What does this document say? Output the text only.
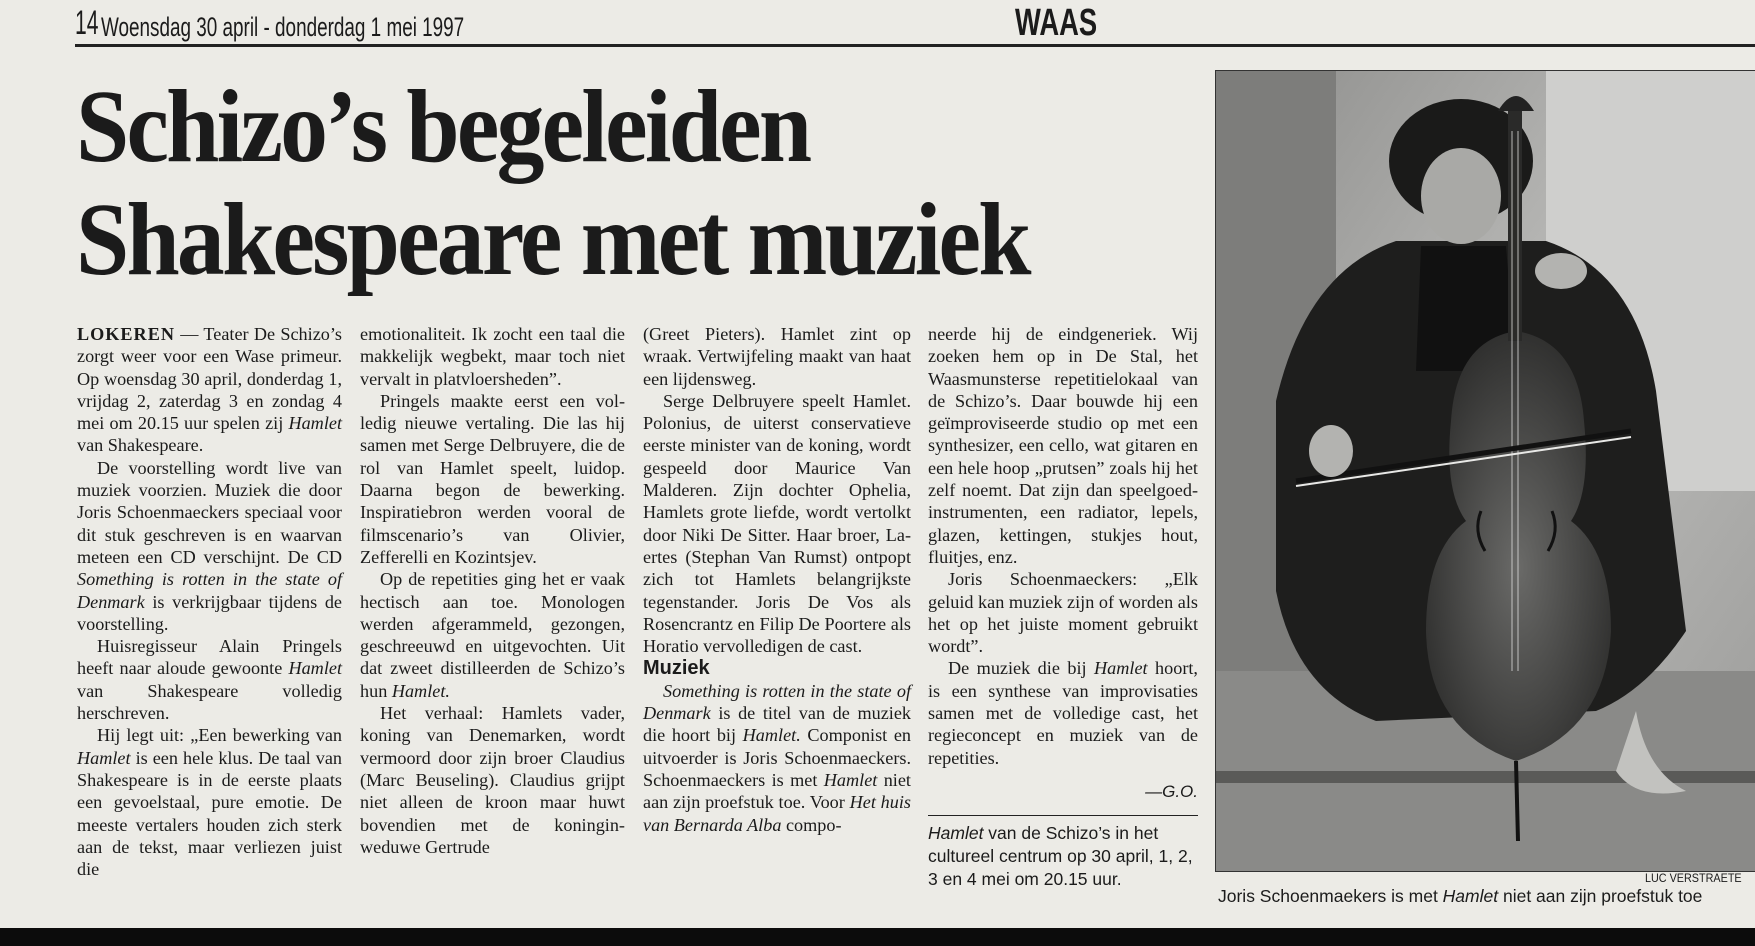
14 Woensdag 30 april - donderdag 1 mei 1997	WAAS
Schizo’s begeleiden
Shakespeare met muziek

LOKEREN — Teater De Schizo’s zorgt weer voor een Wase primeur. Op woensdag 30 april, donderdag 1, vrijdag 2, zaterdag 3 en zondag 4 mei om 20.15 uur spelen zij Hamlet van Shakespeare.

De voorstelling wordt live van muziek voorzien. Muziek die door Joris Schoenmaeckers speciaal voor dit stuk geschreven is en waarvan meteen een CD verschijnt. De CD Something is rotten in the state of Denmark is verkrijgbaar tijdens de voorstelling.

Huisregisseur Alain Pringels heeft naar aloude gewoonte Hamlet van Shakespeare volledig herschreven.

Hij legt uit: „Een bewerking van Hamlet is een hele klus. De taal van Shakespeare is in de eerste plaats een gevoelstaal, pure emotie. De meeste vertalers houden zich sterk aan de tekst, maar verliezen juist die

emotionaliteit. Ik zocht een taal die makkelijk wegbekt, maar toch niet vervalt in platvloersheden”.

Pringels maakte eerst een volledig nieuwe vertaling. Die las hij samen met Serge Delbruyere, die de rol van Hamlet speelt, luidop. Daarna begon de bewerking. Inspiratiebron werden vooral de filmscenario’s van Olivier, Zefferelli en Kozintsjev.

Op de repetities ging het er vaak hectisch aan toe. Monologen werden afgerammeld, gezongen, geschreeuwd en uitgevochten. Uit dat zweet distilleerden de Schizo’s hun Hamlet.

Het verhaal: Hamlets vader, koning van Denemarken, wordt vermoord door zijn broer Claudius (Marc Beuseling). Claudius grijpt niet alleen de kroon maar huwt bovendien met de koningin-weduwe Gertrude

(Greet Pieters). Hamlet zint op wraak. Vertwijfeling maakt van haat een lijdensweg.

Serge Delbruyere speelt Hamlet. Polonius, de uiterst conservatieve eerste minister van de koning, wordt gespeeld door Maurice Van Malderen. Zijn dochter Ophelia, Hamlets grote liefde, wordt vertolkt door Niki De Sitter. Haar broer, Laertes (Stephan Van Rumst) ontpopt zich tot Hamlets belangrijkste tegenstander. Joris De Vos als Rosencrantz en Filip De Poortere als Horatio vervolledigen de cast.

Muziek

Something is rotten in the state of Denmark is de titel van de muziek die hoort bij Hamlet. Componist en uitvoerder is Joris Schoenmaeckers. Schoenmaeckers is met Hamlet niet aan zijn proefstuk toe. Voor Het huis van Bernarda Alba compo-

neerde hij de eindgeneriek. Wij zoeken hem op in De Stal, het Waasmunsterse repetitielokaal van de Schizo’s. Daar bouwde hij een geïmproviseerde studio op met een synthesizer, een cello, wat gitaren en een hele hoop „prutsen” zoals hij het zelf noemt. Dat zijn dan speelgoedinstrumenten, een radiator, lepels, glazen, kettingen, stukjes hout, fluitjes, enz.

Joris Schoenmaeckers: „Elk geluid kan muziek zijn of worden als het op het juiste moment gebruikt wordt”.

De muziek die bij Hamlet hoort, is een synthese van improvisaties samen met de volledige cast, het regieconcept en muziek van de repetities.

—G.O.

Hamlet van de Schizo’s in het cultureel centrum op 30 april, 1, 2, 3 en 4 mei om 20.15 uur.	LUC VERSTRAETE
Joris Schoenmaekers is met Hamlet niet aan zijn proefstuk toe
